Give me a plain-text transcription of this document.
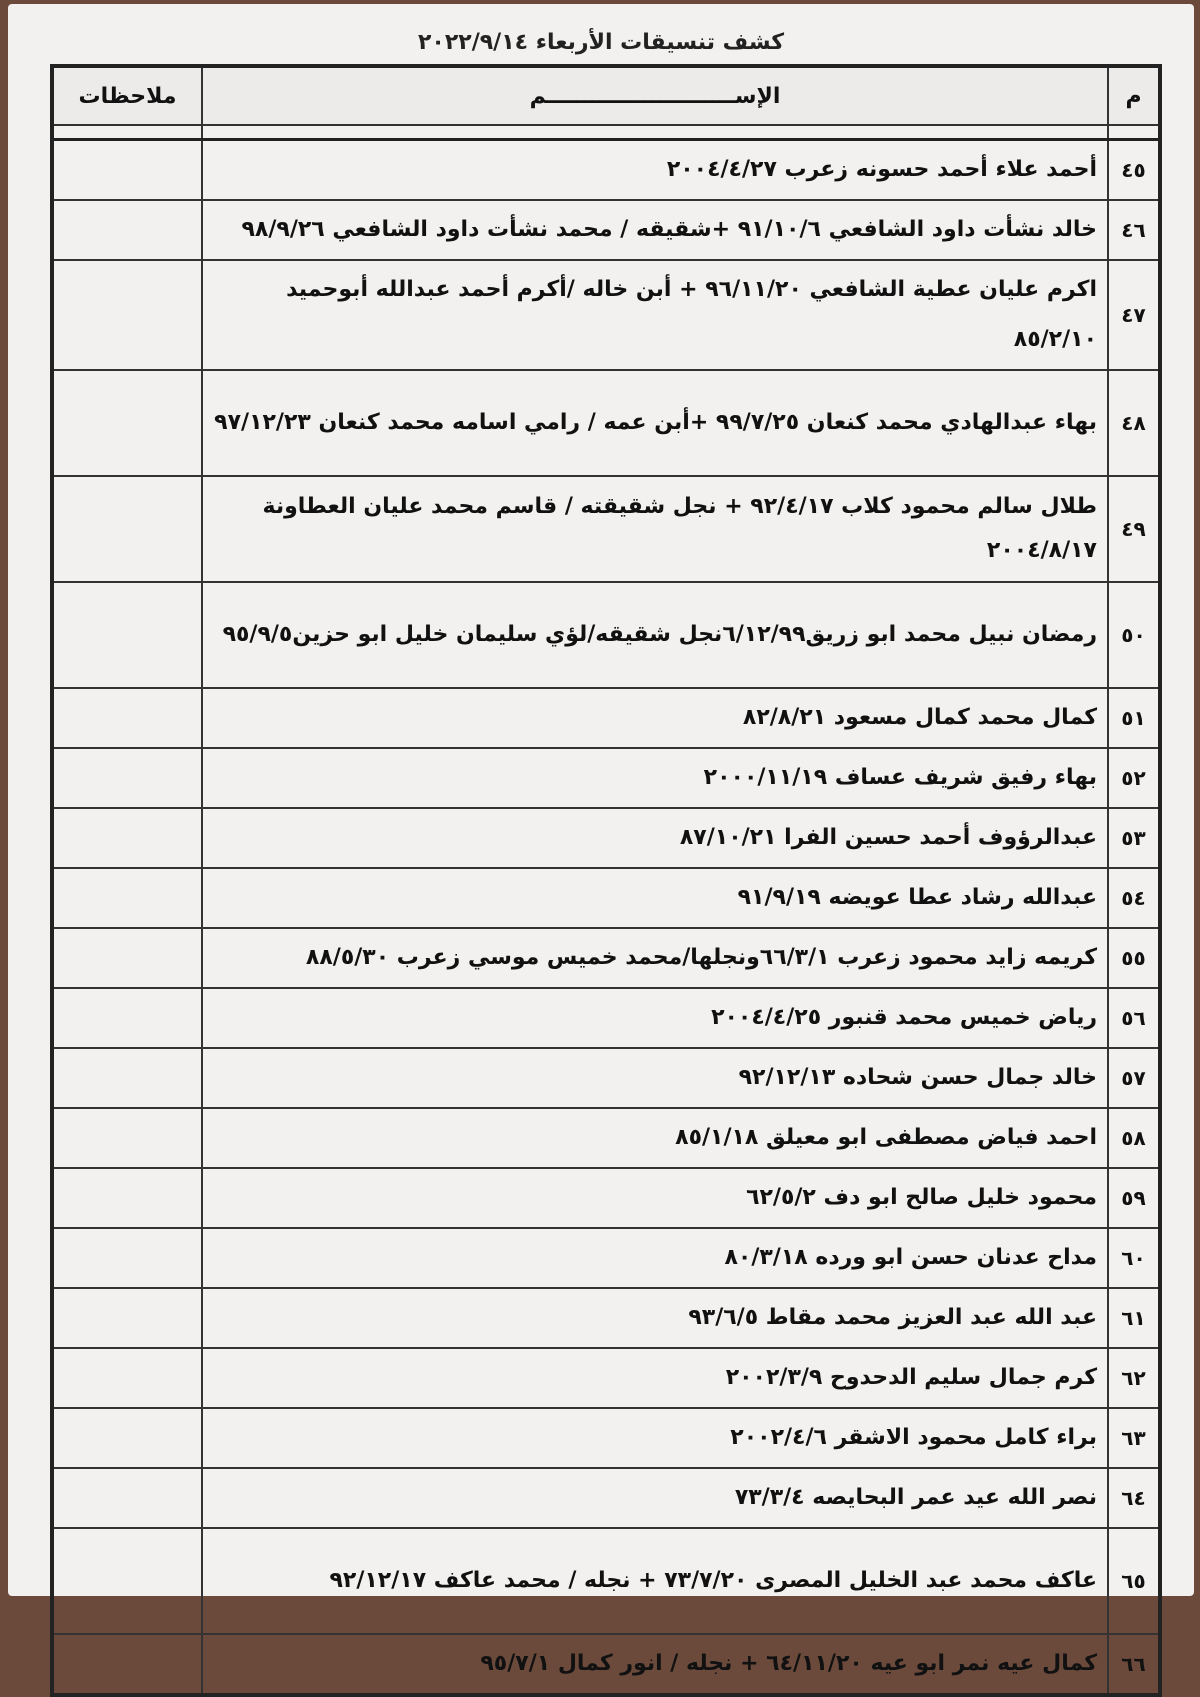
كشف تنسيقات الأربعاء ٢٠٢٢/٩/١٤
م	الإســـــــــــــــــــــــــم	ملاحظات

٤٥	أحمد علاء أحمد حسونه زعرب ٢٠٠٤/٤/٢٧	
٤٦	خالد نشأت داود الشافعي ٩١/١٠/٦ +شقيقه / محمد نشأت داود الشافعي ٩٨/٩/٢٦	
٤٧	اكرم عليان عطية الشافعي ٩٦/١١/٢٠ + أبن خاله /أكرم أحمد عبدالله أبوحميد ٨٥/٢/١٠	
٤٨	بهاء عبدالهادي محمد كنعان ٩٩/٧/٢٥ +أبن عمه / رامي اسامه محمد كنعان ٩٧/١٢/٢٣	
٤٩	طلال سالم محمود كلاب ٩٢/٤/١٧ + نجل شقيقته / قاسم محمد عليان العطاونة ٢٠٠٤/٨/١٧	
٥٠	رمضان نبيل محمد ابو زريق٦/١٢/٩٩نجل شقيقه/لؤي سليمان خليل ابو حزين٩٥/٩/٥	
٥١	كمال محمد كمال مسعود ٨٢/٨/٢١	
٥٢	بهاء رفيق شريف عساف ٢٠٠٠/١١/١٩	
٥٣	عبدالرؤوف أحمد حسين الفرا ٨٧/١٠/٢١	
٥٤	عبدالله رشاد عطا عويضه ٩١/٩/١٩	
٥٥	كريمه زايد محمود زعرب ٦٦/٣/١ونجلها/محمد خميس موسي زعرب ٨٨/٥/٣٠	
٥٦	رياض خميس محمد قنبور ٢٠٠٤/٤/٢٥	
٥٧	خالد جمال حسن شحاده ٩٢/١٢/١٣	
٥٨	احمد فياض مصطفى ابو معيلق ٨٥/١/١٨	
٥٩	محمود خليل صالح ابو دف ٦٢/٥/٢	
٦٠	مداح عدنان حسن ابو ورده ٨٠/٣/١٨	
٦١	عبد الله عبد العزيز محمد مقاط ٩٣/٦/٥	
٦٢	كرم جمال سليم الدحدوح ٢٠٠٢/٣/٩	
٦٣	براء كامل محمود الاشقر ٢٠٠٢/٤/٦	
٦٤	نصر الله عيد عمر البحايصه ٧٣/٣/٤	
٦٥	عاكف محمد عبد الخليل المصرى ٧٣/٧/٢٠ + نجله / محمد عاكف ٩٢/١٢/١٧	
٦٦	كمال عيه نمر ابو عيه ٦٤/١١/٢٠ + نجله / انور كمال ٩٥/٧/١	
